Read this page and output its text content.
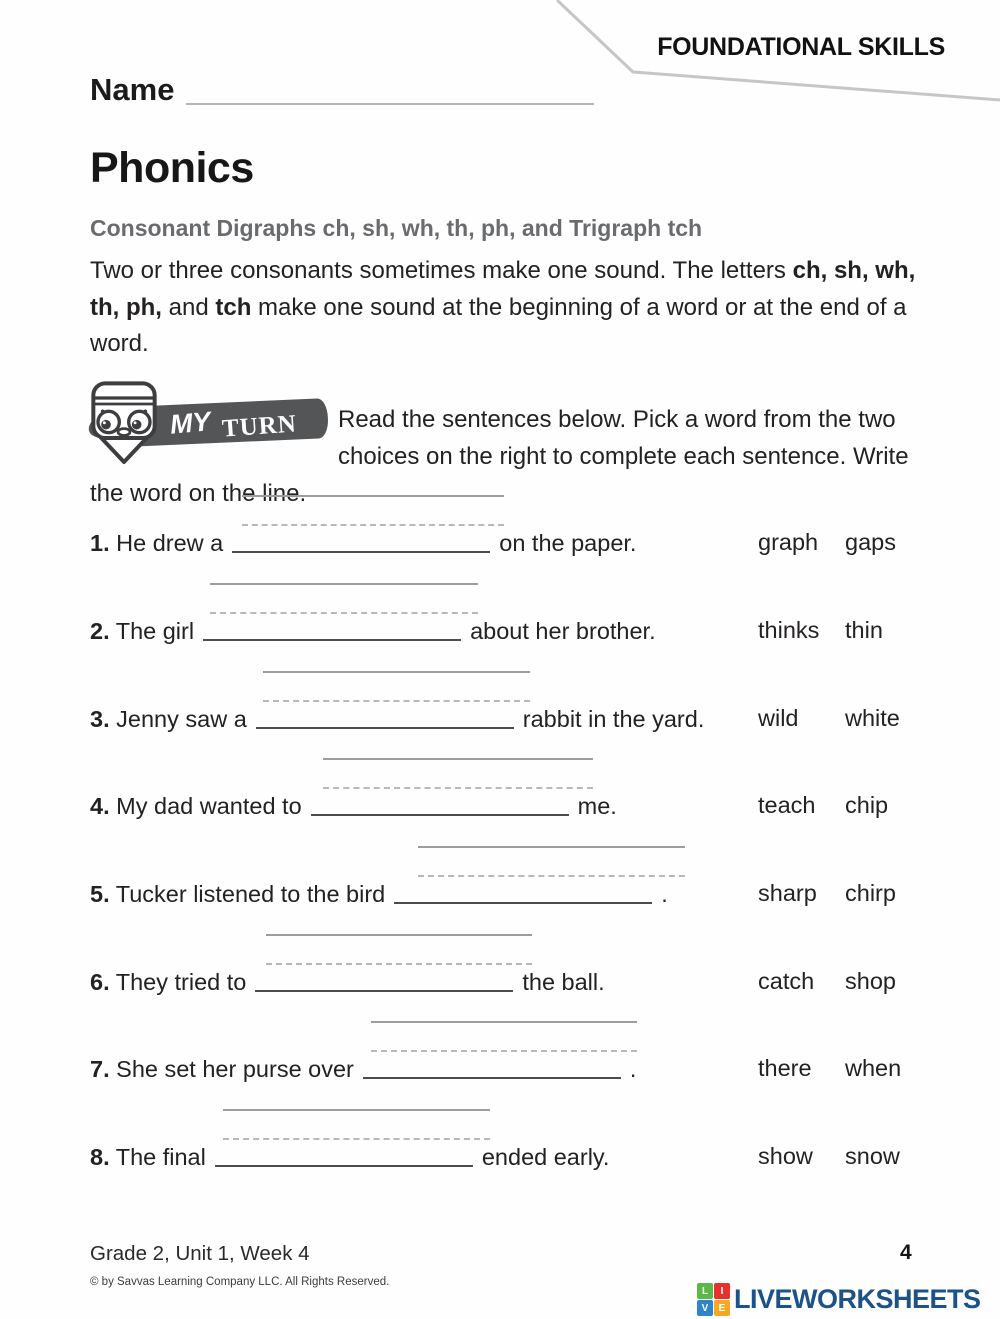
FOUNDATIONAL SKILLS
Name
Phonics
Consonant Digraphs ch, sh, wh, th, ph, and Trigraph tch
Two or three consonants sometimes make one sound. The letters ch, sh, wh, th, ph, and tch make one sound at the beginning of a word or at the end of a word.
MY TURN Read the sentences below. Pick a word from the two choices on the right to complete each sentence. Write the word on the line.
1. He drew a	on the paper.	graph gaps
2. The girl	about her brother.	thinks thin
3. Jenny saw a	rabbit in the yard. wild white
4. My dad wanted to	me.	teach chip
5. Tucker listened to the bird	.	sharp chirp
6. They tried to	the ball.	catch shop
7. She set her purse over	.	there when
8. The final	ended early.	show snow
Grade 2, Unit 1, Week 4
© by Savvas Learning Company LLC. All Rights Reserved.
4
L	I
V	E LIVEWORKSHEETS
